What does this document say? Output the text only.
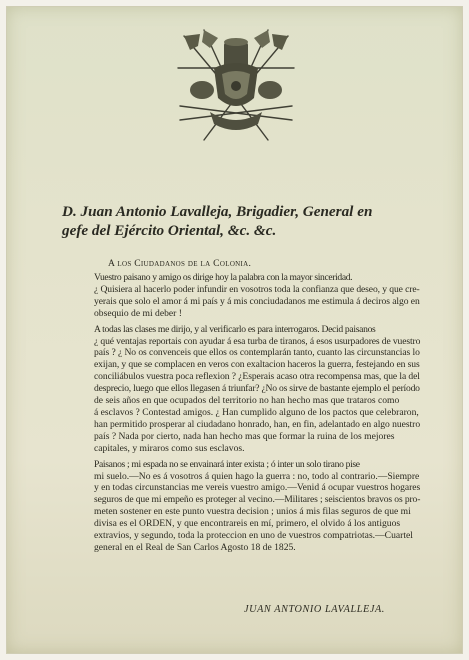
D. Juan Antonio Lavalleja, Brigadier, General en
gefe del Ejército Oriental, &c. &c.
A los Ciudadanos de la Colonia.

Vuestro paisano y amigo os dirige hoy la palabra con la mayor sinceridad.
¿ Quisiera al hacerlo poder infundir en vosotros toda la confianza que deseo, y que cre-
yerais que solo el amor á mi país y á mis conciudadanos me estimula á deciros algo en
obsequio de mi deber !

A todas las clases me dirijo, y al verificarlo es para interrogaros. Decid paisanos
¿ qué ventajas reportais con ayudar á esa turba de tiranos, á esos usurpadores de vuestro
país ? ¿ No os convenceis que ellos os contemplarán tanto, cuanto las circunstancias lo
exijan, y que se complacen en veros con exaltacion haceros la guerra, festejando en sus
conciliábulos vuestra poca reflexion ? ¿Esperais acaso otra recompensa mas, que la del
desprecio, luego que ellos llegasen á triunfar? ¿No os sirve de bastante ejemplo el período
de seis años en que ocupados del territorio no han hecho mas que trataros como
á esclavos ? Contestad amigos. ¿ Han cumplido alguno de los pactos que celebraron,
han permitido prosperar al ciudadano honrado, han, en fin, adelantado en algo nuestro
país ? Nada por cierto, nada han hecho mas que formar la ruina de los mejores
capitales, y miraros como sus esclavos.

Paisanos ; mi espada no se envainará inter exista ; ó inter un solo tirano pise
mi suelo.—No es á vosotros á quien hago la guerra : no, todo al contrario.—Siempre
y en todas circunstancias me vereis vuestro amigo.—Venid á ocupar vuestros hogares
seguros de que mi empeño es proteger al vecino.—Militares ; seiscientos bravos os pro-
meten sostener en este punto vuestra decision ; unios á mis filas seguros de que mi
divisa es el ORDEN, y que encontrareis en mí, primero, el olvido á los antiguos
extravios, y segundo, toda la proteccion en uno de vuestros compatriotas.—Cuartel
general en el Real de San Carlos Agosto 18 de 1825.

JUAN ANTONIO LAVALLEJA.
